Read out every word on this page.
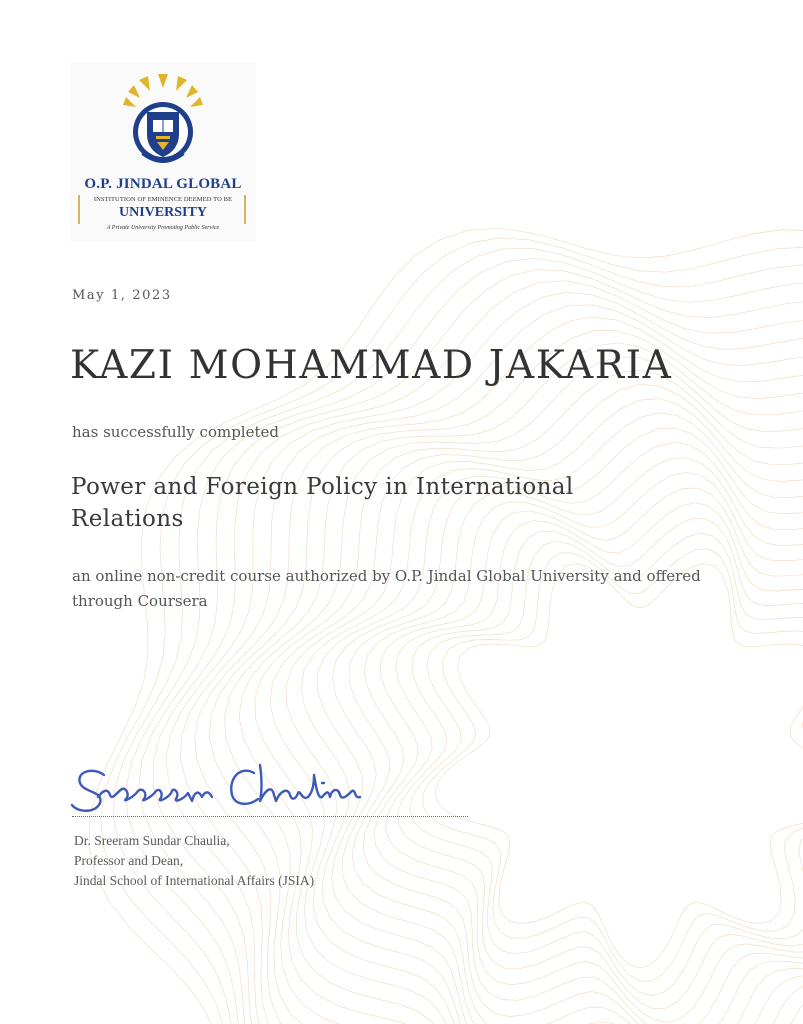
O.P. JINDAL GLOBAL
INSTITUTION OF EMINENCE DEEMED TO BE
UNIVERSITY
A Private University Promoting Public Service
May 1, 2023
KAZI MOHAMMAD JAKARIA
has successfully completed
Power and Foreign Policy in International Relations
an online non-credit course authorized by O.P. Jindal Global University and offered through Coursera
Dr. Sreeram Sundar Chaulia,
Professor and Dean,
Jindal School of International Affairs (JSIA)
